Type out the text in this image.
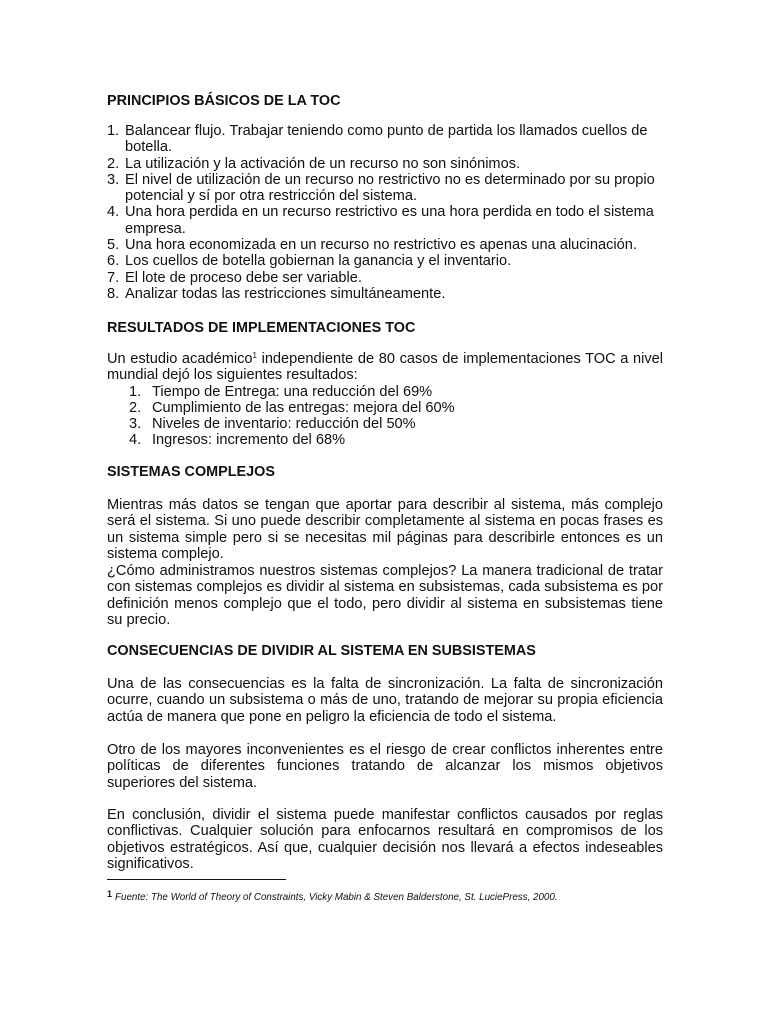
PRINCIPIOS BÁSICOS DE LA TOC
1. Balancear flujo. Trabajar teniendo como punto de partida los llamados cuellos de botella.
2. La utilización y la activación de un recurso no son sinónimos.
3. El nivel de utilización de un recurso no restrictivo no es determinado por su propio potencial y sí por otra restricción del sistema.
4. Una hora perdida en un recurso restrictivo es una hora perdida en todo el sistema empresa.
5. Una hora economizada en un recurso no restrictivo es apenas una alucinación.
6. Los cuellos de botella gobiernan la ganancia y el inventario.
7. El lote de proceso debe ser variable.
8. Analizar todas las restricciones simultáneamente.
RESULTADOS DE IMPLEMENTACIONES TOC

Un estudio académico$^1$ independiente de 80 casos de implementaciones TOC a nivel mundial dejó los siguientes resultados:

1. Tiempo de Entrega: una reducción del 69%
2. Cumplimiento de las entregas: mejora del 60%
3. Niveles de inventario: reducción del 50%
4. Ingresos: incremento del 68%
SISTEMAS COMPLEJOS

Mientras más datos se tengan que aportar para describir al sistema, más complejo será el sistema. Si uno puede describir completamente al sistema en pocas frases es un sistema simple pero si se necesitas mil páginas para describirle entonces es un sistema complejo.

¿Cómo administramos nuestros sistemas complejos? La manera tradicional de tratar con sistemas complejos es dividir al sistema en subsistemas, cada subsistema es por definición menos complejo que el todo, pero dividir al sistema en subsistemas tiene su precio.

CONSECUENCIAS DE DIVIDIR AL SISTEMA EN SUBSISTEMAS

Una de las consecuencias es la falta de sincronización. La falta de sincronización ocurre, cuando un subsistema o más de uno, tratando de mejorar su propia eficiencia actúa de manera que pone en peligro la eficiencia de todo el sistema.

Otro de los mayores inconvenientes es el riesgo de crear conflictos inherentes entre políticas de diferentes funciones tratando de alcanzar los mismos objetivos superiores del sistema.

En conclusión, dividir el sistema puede manifestar conflictos causados por reglas conflictivas. Cualquier solución para enfocarnos resultará en compromisos de los objetivos estratégicos. Así que, cualquier decisión nos llevará a efectos indeseables significativos.

1 Fuente: The World of Theory of Constraints, Vicky Mabin & Steven Balderstone, St. LuciePress, 2000.
